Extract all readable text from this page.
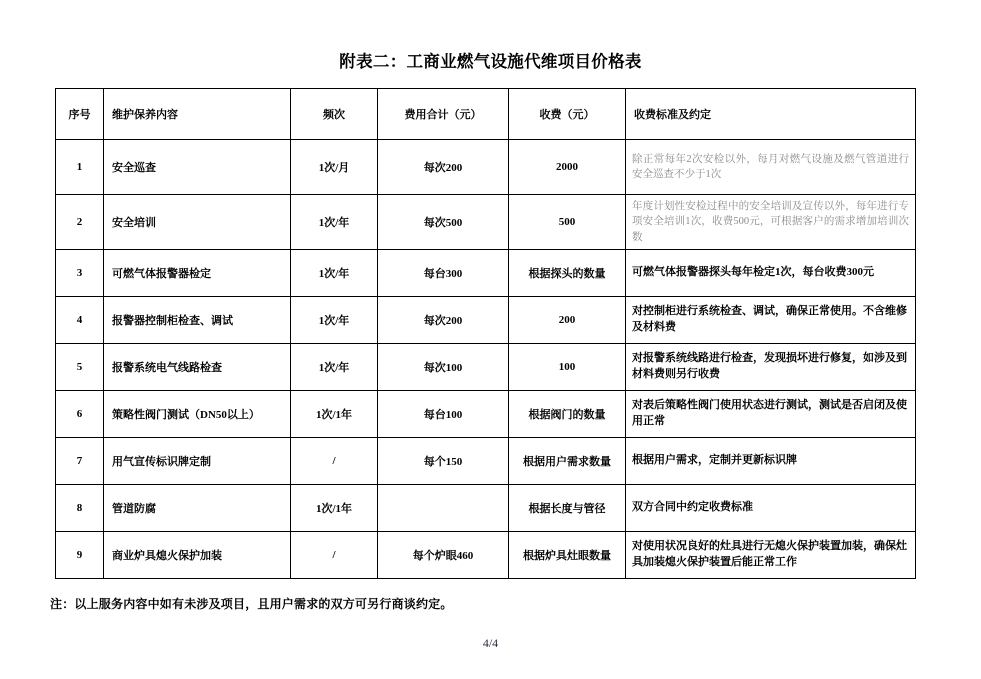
附表二：工商业燃气设施代维项目价格表
序号	维护保养内容	频次	费用合计（元）	收费（元）	收费标准及约定
1	安全巡查	1次/月	每次200	2000	除正常每年2次安检以外，每月对燃气设施及燃气管道进行安全巡查不少于1次
2	安全培训	1次/年	每次500	500	年度计划性安检过程中的安全培训及宣传以外，每年进行专项安全培训1次，收费500元，可根据客户的需求增加培训次数
3	可燃气体报警器检定	1次/年	每台300	根据探头的数量	可燃气体报警器探头每年检定1次，每台收费300元
4	报警器控制柜检查、调试	1次/年	每次200	200	对控制柜进行系统检查、调试，确保正常使用。不含维修及材料费
5	报警系统电气线路检查	1次/年	每次100	100	对报警系统线路进行检查，发现损坏进行修复，如涉及到材料费则另行收费
6	策略性阀门测试（DN50以上）	1次/1年	每台100	根据阀门的数量	对表后策略性阀门使用状态进行测试，测试是否启闭及使用正常
7	用气宣传标识牌定制	/	每个150	根据用户需求数量	根据用户需求，定制并更新标识牌
8	管道防腐	1次/1年		根据长度与管径	双方合同中约定收费标准
9	商业炉具熄火保护加装	/	每个炉眼460	根据炉具灶眼数量	对使用状况良好的灶具进行无熄火保护装置加装，确保灶具加装熄火保护装置后能正常工作
注：以上服务内容中如有未涉及项目，且用户需求的双方可另行商谈约定。
4/4
